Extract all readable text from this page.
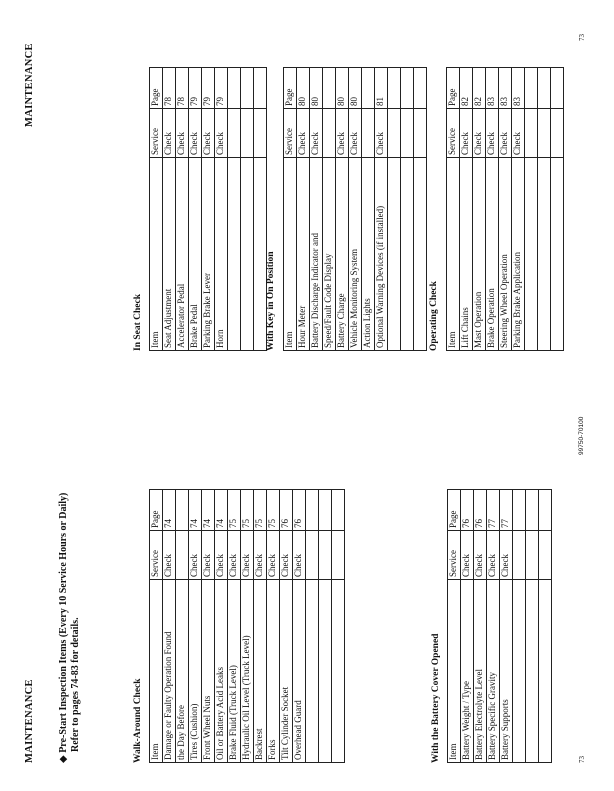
MAINTENANCE
MAINTENANCE
◆ Pre-Start Inspection Items (Every 10 Service Hours or Daily)
Refer to pages 74-83 for details.	Walk-Around Check Item	Service	Page
Damage or Faulty Operation Found	Check	74
the Day Before		
Tires (Cushion)	Check	74
Front Wheel Nuts	Check	74
Oil or Battery Acid Leaks	Check	74
Brake Fluid (Truck Level)	Check	75
Hydraulic Oil Level (Truck Level)	Check	75
Backrest	Check	75
Forks	Check	75
Tilt Cylinder Socket	Check	76
Overhead Guard	Check	76

With the Battery Cover Opened Item	Service	Page
Battery Weight / Type	Check	76
Battery Electrolyte Level	Check	76
Battery Specific Gravity	Check	77
Battery Supports	Check	77

In Seat Check Item	Service	Page
Seat Adjustment	Check	78
Accelerator Pedal	Check	78
Brake Pedal	Check	79
Parking Brake Lever	Check	79
Horn	Check	79

With Key in On Position Item	Service	Page
Hour Meter	Check	80
Battery Discharge Indicator and	Check	80
Speed/Fault Code Display		
Battery Charge	Check	80
Vehicle Monitoring System	Check	80
Action Lights		
Optional Warning Devices (if installed)	Check	81

Operating Check Item	Service	Page
Lift Chains	Check	82
Mast Operation	Check	82
Brake Operation	Check	83
Steering Wheel Operation	Check	83
Parking Brake Application	Check	83

73
99750-70100
73
